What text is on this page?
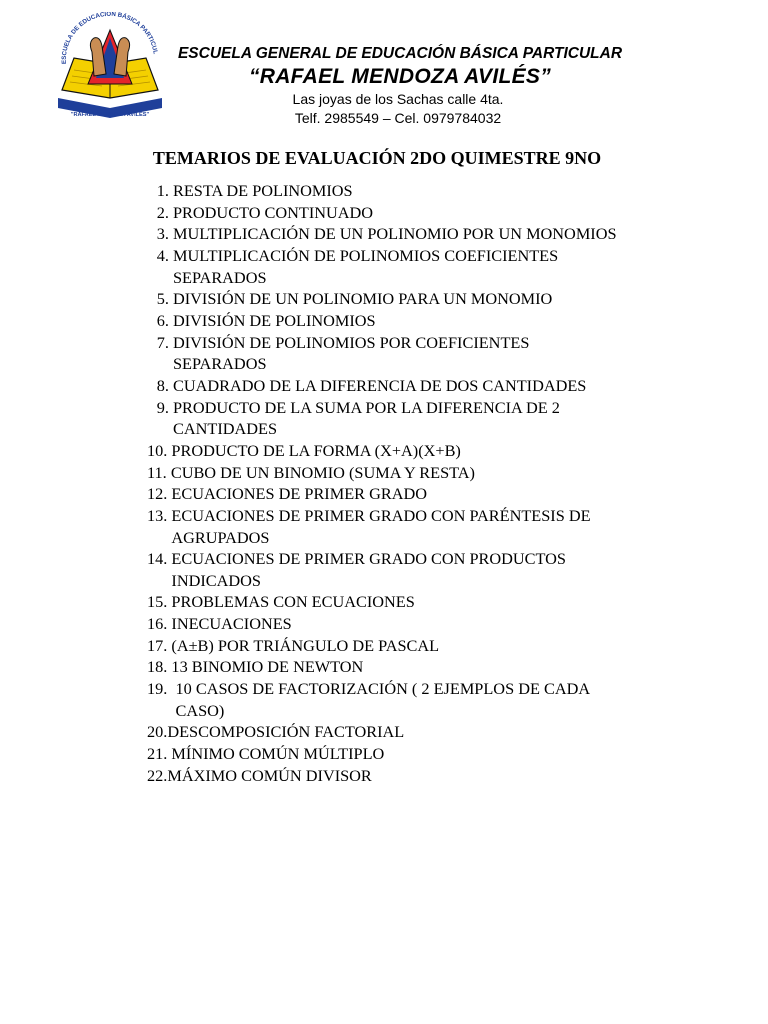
ESCUELA DE EDUCACIÓN BÁSICA PARTICUL
"RAFAEL MENDOZA AVILES"
ESCUELA GENERAL DE EDUCACIÓN BÁSICA PARTICULAR
“RAFAEL MENDOZA AVILÉS”
Las joyas de los Sachas calle 4ta.
Telf. 2985549 – Cel. 0979784032
TEMARIOS DE EVALUACIÓN 2DO QUIMESTRE 9NO
1. RESTA DE POLINOMIOS
2. PRODUCTO CONTINUADO
3. MULTIPLICACIÓN DE UN POLINOMIO POR UN MONOMIOS
4. MULTIPLICACIÓN DE POLINOMIOS COEFICIENTES
SEPARADOS
5. DIVISIÓN DE UN POLINOMIO PARA UN MONOMIO
6. DIVISIÓN DE POLINOMIOS
7. DIVISIÓN DE POLINOMIOS POR COEFICIENTES
SEPARADOS
8. CUADRADO DE LA DIFERENCIA DE DOS CANTIDADES
9. PRODUCTO DE LA SUMA POR LA DIFERENCIA DE 2
CANTIDADES
10. PRODUCTO DE LA FORMA (X+A)(X+B)
11. CUBO DE UN BINOMIO (SUMA Y RESTA)
12. ECUACIONES DE PRIMER GRADO
13. ECUACIONES DE PRIMER GRADO CON PARÉNTESIS DE
AGRUPADOS
14. ECUACIONES DE PRIMER GRADO CON PRODUCTOS
INDICADOS
15. PROBLEMAS CON ECUACIONES
16. INECUACIONES
17. (A±B) POR TRIÁNGULO DE PASCAL
18. 13 BINOMIO DE NEWTON
19. 10 CASOS DE FACTORIZACIÓN ( 2 EJEMPLOS DE CADA
CASO)
20. DESCOMPOSICIÓN FACTORIAL
21. MÍNIMO COMÚN MÚLTIPLO
22. MÁXIMO COMÚN DIVISOR
